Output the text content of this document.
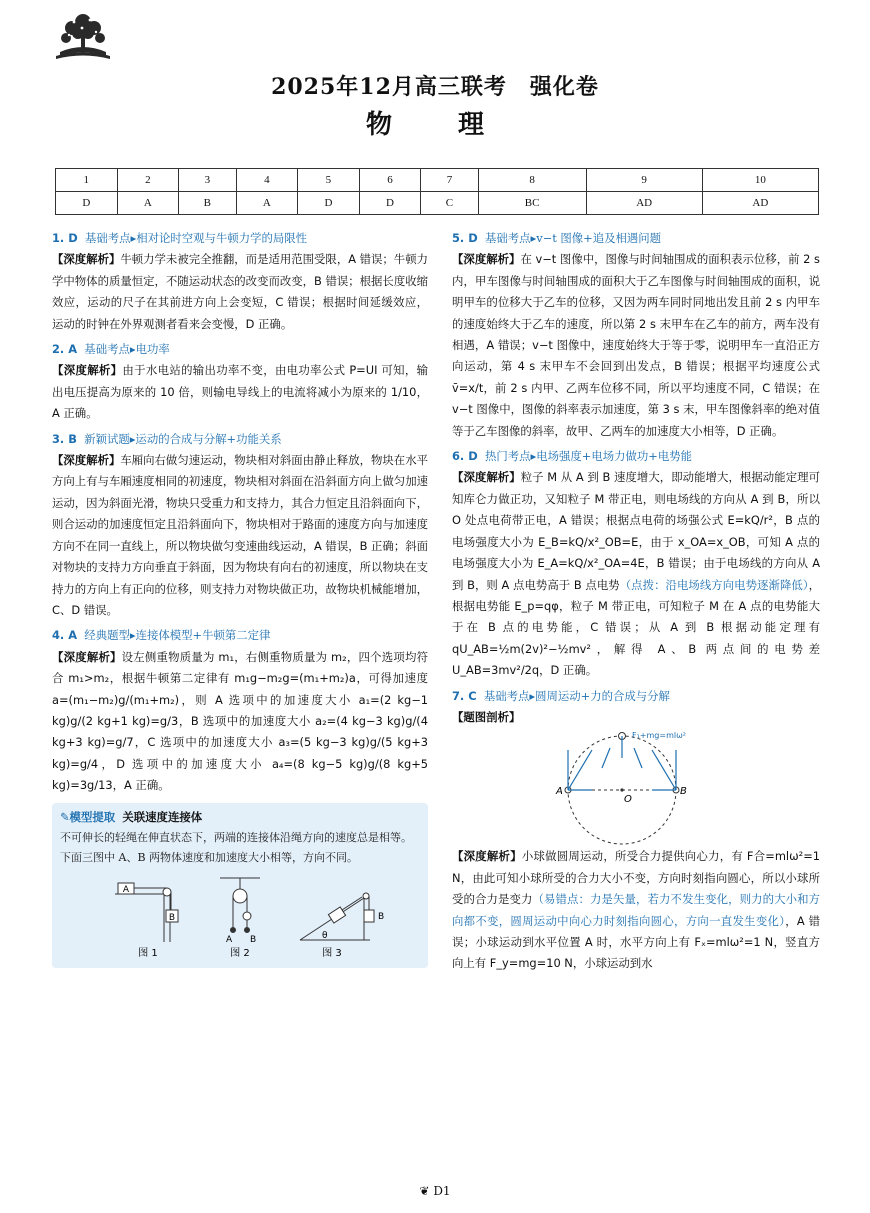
2025年12月高三联考　强化卷
物　理
1	2	3	4	5	6	7	8	9	10
D	A	B	A	D	D	C	BC	AD	AD
1. D 基础考点▸相对论时空观与牛顿力学的局限性
【深度解析】牛顿力学未被完全推翻，而是适用范围受限，A 错误；牛顿力学中物体的质量恒定，不随运动状态的改变而改变，B 错误；根据长度收缩效应，运动的尺子在其前进方向上会变短，C 错误；根据时间延缓效应，运动的时钟在外界观测者看来会变慢，D 正确。
2. A 基础考点▸电功率
【深度解析】由于水电站的输出功率不变，由电功率公式 P=UI 可知，输出电压提高为原来的 10 倍，则输电导线上的电流将减小为原来的 1/10，A 正确。
3. B 新颖试题▸运动的合成与分解+功能关系
【深度解析】车厢向右做匀速运动，物块相对斜面由静止释放，物块在水平方向上有与车厢速度相同的初速度，物块相对斜面在沿斜面方向上做匀加速运动，因为斜面光滑，物块只受重力和支持力，其合力恒定且沿斜面向下，则合运动的加速度恒定且沿斜面向下，物块相对于路面的速度方向与加速度方向不在同一直线上，所以物块做匀变速曲线运动，A 错误，B 正确；斜面对物块的支持力方向垂直于斜面，因为物块有向右的初速度，所以物块在支持力的方向上有正向的位移，则支持力对物块做正功，故物块机械能增加，C、D 错误。
4. A 经典题型▸连接体模型+牛顿第二定律
【深度解析】设左侧重物质量为 m₁，右侧重物质量为 m₂，四个选项均符合 m₁>m₂，根据牛顿第二定律有 m₁g−m₂g=(m₁+m₂)a，可得加速度 a=(m₁−m₂)g/(m₁+m₂)，则 A 选项中的加速度大小 a₁=(2 kg−1 kg)g/(2 kg+1 kg)=g/3，B 选项中的加速度大小 a₂=(4 kg−3 kg)g/(4 kg+3 kg)=g/7，C 选项中的加速度大小 a₃=(5 kg−3 kg)g/(5 kg+3 kg)=g/4，D 选项中的加速度大小 a₄=(8 kg−5 kg)g/(8 kg+5 kg)=3g/13，A 正确。
✎模型提取 关联速度连接体
不可伸长的轻绳在伸直状态下，两端的连接体沿绳方向的速度总是相等。下面三图中 A、B 两物体速度和加速度大小相等，方向不同。
A
B
图 1
A B
图 2
B
θ
图 3
5. D 基础考点▸v−t 图像+追及相遇问题
【深度解析】在 v−t 图像中，图像与时间轴围成的面积表示位移，前 2 s 内，甲车图像与时间轴围成的面积大于乙车图像与时间轴围成的面积，说明甲车的位移大于乙车的位移，又因为两车同时同地出发且前 2 s 内甲车的速度始终大于乙车的速度，所以第 2 s 末甲车在乙车的前方，两车没有相遇，A 错误；v−t 图像中，速度始终大于等于零，说明甲车一直沿正方向运动，第 4 s 末甲车不会回到出发点，B 错误；根据平均速度公式 v̄=x/t，前 2 s 内甲、乙两车位移不同，所以平均速度不同，C 错误；在 v−t 图像中，图像的斜率表示加速度，第 3 s 末，甲车图像斜率的绝对值等于乙车图像的斜率，故甲、乙两车的加速度大小相等，D 正确。
6. D 热门考点▸电场强度+电场力做功+电势能
【深度解析】粒子 M 从 A 到 B 速度增大，即动能增大，根据动能定理可知库仑力做正功，又知粒子 M 带正电，则电场线的方向从 A 到 B，所以 O 处点电荷带正电，A 错误；根据点电荷的场强公式 E=kQ/r²，B 点的电场强度大小为 E_B=kQ/x²_OB=E，由于 x_OA=x_OB，可知 A 点的电场强度大小为 E_A=kQ/x²_OA=4E，B 错误；由于电场线的方向从 A 到 B，则 A 点电势高于 B 点电势（点拨：沿电场线方向电势逐渐降低），根据电势能 E_p=qφ，粒子 M 带正电，可知粒子 M 在 A 点的电势能大于在 B 点的电势能，C 错误；从 A 到 B 根据动能定理有 qU_AB=½m(2v)²−½mv²，解得 A、B 两点间的电势差 U_AB=3mv²/2q，D 正确。
7. C 基础考点▸圆周运动+力的合成与分解
【题图剖析】
A	B
O
F₁+mg=mlω²
【深度解析】小球做圆周运动，所受合力提供向心力，有 F合=mlω²=1 N，由此可知小球所受的合力大小不变，方向时刻指向圆心，所以小球所受的合力是变力（易错点：力是矢量，若力不发生变化，则力的大小和方向都不变，圆周运动中向心力时刻指向圆心，方向一直发生变化），A 错误；小球运动到水平位置 A 时，水平方向上有 Fₓ=mlω²=1 N，竖直方向上有 F_y=mg=10 N，小球运动到水
❦ D1
